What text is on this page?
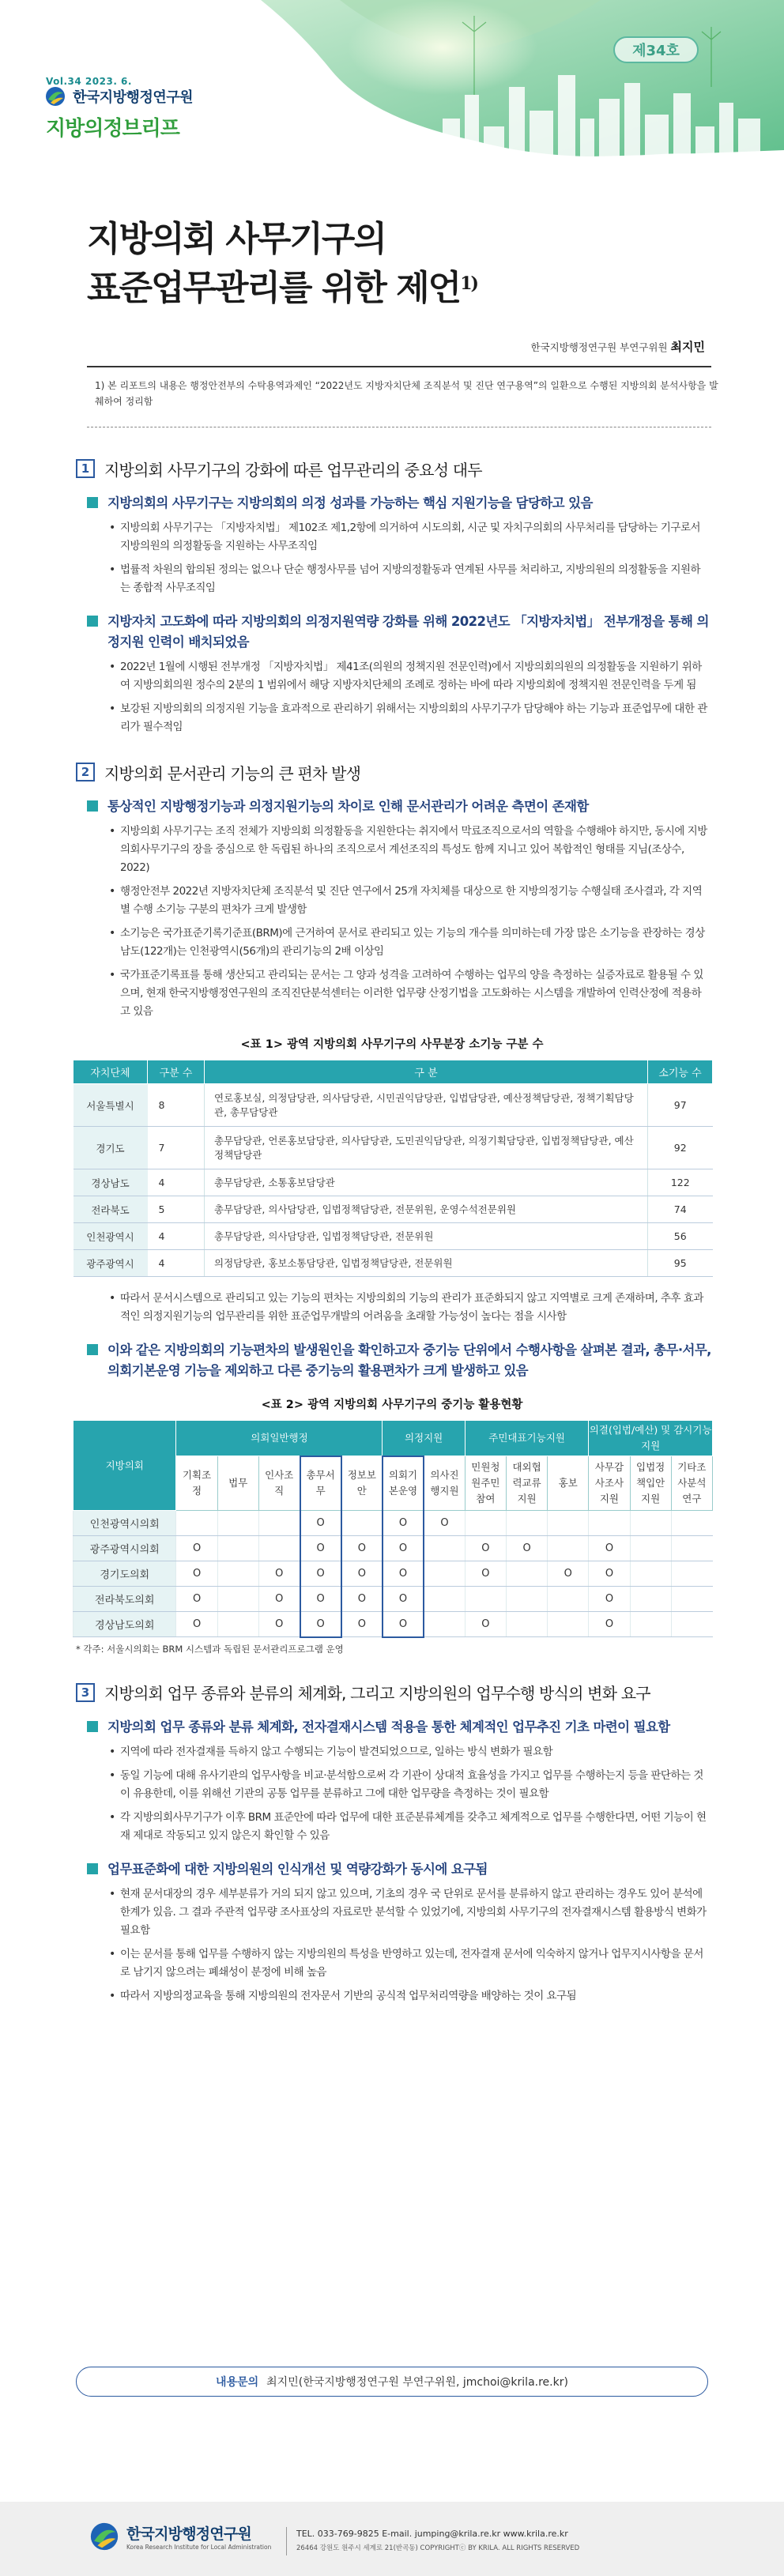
Vol.34 2023. 6.
한국지방행정연구원
지방의정브리프
제34호
지방의회 사무기구의
표준업무관리를 위한 제언$^{1)}$
한국지방행정연구원 부연구위원 최지민
1) 본 리포트의 내용은 행정안전부의 수탁용역과제인 “2022년도 지방자치단체 조직분석 및 진단 연구용역”의 일환으로 수행된 지방의회 분석사항을 발췌하여 정리함
1 지방의회 사무기구의 강화에 따른 업무관리의 중요성 대두
지방의회의 사무기구는 지방의회의 의정 성과를 가능하는 핵심 지원기능을 담당하고 있음
• 지방의회 사무기구는 「지방자치법」 제102조 제1,2항에 의거하여 시도의회, 시군 및 자치구의회의 사무처리를 담당하는 기구로서 지방의원의 의정활동을 지원하는 사무조직임
• 법률적 차원의 합의된 정의는 없으나 단순 행정사무를 넘어 지방의정활동과 연계된 사무를 처리하고, 지방의원의 의정활동을 지원하는 종합적 사무조직임
지방자치 고도화에 따라 지방의회의 의정지원역량 강화를 위해 2022년도 「지방자치법」 전부개정을 통해 의정지원 인력이 배치되었음
• 2022년 1월에 시행된 전부개정 「지방자치법」 제41조(의원의 정책지원 전문인력)에서 지방의회의원의 의정활동을 지원하기 위하여 지방의회의원 정수의 2분의 1 범위에서 해당 지방자치단체의 조례로 정하는 바에 따라 지방의회에 정책지원 전문인력을 두게 됨
• 보강된 지방의회의 의정지원 기능을 효과적으로 관리하기 위해서는 지방의회의 사무기구가 담당해야 하는 기능과 표준업무에 대한 관리가 필수적임
2 지방의회 문서관리 기능의 큰 편차 발생
통상적인 지방행정기능과 의정지원기능의 차이로 인해 문서관리가 어려운 측면이 존재함
• 지방의회 사무기구는 조직 전체가 지방의회 의정활동을 지원한다는 취지에서 막료조직으로서의 역할을 수행해야 하지만, 동시에 지방의회사무기구의 장을 중심으로 한 독립된 하나의 조직으로서 계선조직의 특성도 함께 지니고 있어 복합적인 형태를 지님(조상수, 2022)
• 행정안전부 2022년 지방자치단체 조직분석 및 진단 연구에서 25개 자치체를 대상으로 한 지방의정기능 수행실태 조사결과, 각 지역별 수행 소기능 구분의 편차가 크게 발생함
• 소기능은 국가표준기록기준표(BRM)에 근거하여 문서로 관리되고 있는 기능의 개수를 의미하는데 가장 많은 소기능을 관장하는 경상남도(122개)는 인천광역시(56개)의 관리기능의 2배 이상임
• 국가표준기록표를 통해 생산되고 관리되는 문서는 그 양과 성격을 고려하여 수행하는 업무의 양을 측정하는 실증자료로 활용될 수 있으며, 현재 한국지방행정연구원의 조직진단분석센터는 이러한 업무량 산정기법을 고도화하는 시스템을 개발하여 인력산정에 적용하고 있음
<표 1> 광역 지방의회 사무기구의 사무분장 소기능 구분 수
자치단체	구분 수	구 분	소기능 수
서울특별시	8	연로홍보실, 의정담당관, 의사담당관, 시민권익담당관, 입법담당관, 예산정책담당관, 정책기획담당관, 총무담당관	97
경기도	7	총무담당관, 언론홍보담당관, 의사담당관, 도민권익담당관, 의정기획담당관, 입법정책담당관, 예산정책담당관	92
경상남도	4	총무담당관, 소통홍보담당관	122
전라북도	5	총무담당관, 의사담당관, 입법정책담당관, 전문위원, 운영수석전문위원	74
인천광역시	4	총무담당관, 의사담당관, 입법정책담당관, 전문위원	56
광주광역시	4	의정담당관, 홍보소통담당관, 입법정책담당관, 전문위원	95
• 따라서 문서시스템으로 관리되고 있는 기능의 편차는 지방의회의 기능의 관리가 표준화되지 않고 지역별로 크게 존재하며, 추후 효과적인 의정지원기능의 업무관리를 위한 표준업무개발의 어려움을 초래할 가능성이 높다는 점을 시사함
이와 같은 지방의회의 기능편차의 발생원인을 확인하고자 중기능 단위에서 수행사항을 살펴본 결과, 총무·서무, 의회기본운영 기능을 제외하고 다른 중기능의 활용편차가 크게 발생하고 있음
<표 2> 광역 지방의회 사무기구의 중기능 활용현황
지방의회	의회일반행정					의정지원		주민대표기능지원			의결(입법/예산) 및 감시기능지원		
	기획조정	법무	인사조직	총무서무	정보보안	의회기본운영	의사진행지원	민원청원주민참여	대외협력교류지원	홍보	사무감사조사지원	입법정책입안지원	기타조사분석연구
인천광역시의회				O		O	O						
광주광역시의회	O			O	O	O		O	O		O		
경기도의회	O		O	O	O	O		O		O	O		
전라북도의회	O		O	O	O	O					O		
경상남도의회	O		O	O	O	O		O			O		
* 각주: 서울시의회는 BRM 시스템과 독립된 문서관리프로그램 운영
3 지방의회 업무 종류와 분류의 체계화, 그리고 지방의원의 업무수행 방식의 변화 요구
지방의회 업무 종류와 분류 체계화, 전자결재시스템 적용을 통한 체계적인 업무추진 기초 마련이 필요함
• 지역에 따라 전자결재를 득하지 않고 수행되는 기능이 발견되었으므로, 일하는 방식 변화가 필요함
• 동일 기능에 대해 유사기관의 업무사항을 비교·분석함으로써 각 기관이 상대적 효율성을 가지고 업무를 수행하는지 등을 판단하는 것이 유용한데, 이를 위해선 기관의 공통 업무를 분류하고 그에 대한 업무량을 측정하는 것이 필요함
• 각 지방의회사무기구가 이후 BRM 표준안에 따라 업무에 대한 표준분류체계를 갖추고 체계적으로 업무를 수행한다면, 어떤 기능이 현재 제대로 작동되고 있지 않은지 확인할 수 있음
업무표준화에 대한 지방의원의 인식개선 및 역량강화가 동시에 요구됨
• 현재 문서대장의 경우 세부분류가 거의 되지 않고 있으며, 기초의 경우 국 단위로 문서를 분류하지 않고 관리하는 경우도 있어 분석에 한계가 있음. 그 결과 주관적 업무량 조사표상의 자료로만 분석할 수 있었기에, 지방의회 사무기구의 전자결재시스템 활용방식 변화가 필요함
• 이는 문서를 통해 업무를 수행하지 않는 지방의원의 특성을 반영하고 있는데, 전자결재 문서에 익숙하지 않거나 업무지시사항을 문서로 남기지 않으려는 폐쇄성이 분정에 비해 높음
• 따라서 지방의정교육을 통해 지방의원의 전자문서 기반의 공식적 업무처리역량을 배양하는 것이 요구됨
내용문의 최지민(한국지방행정연구원 부연구위원, jmchoi@krila.re.kr)
한국지방행정연구원
Korea Research Institute for Local Administration
TEL. 033-769-9825 E-mail. jumping@krila.re.kr www.krila.re.kr
26464 강원도 원주시 세계로 21(반곡동) COPYRIGHTⓒ BY KRILA. ALL RIGHTS RESERVED
